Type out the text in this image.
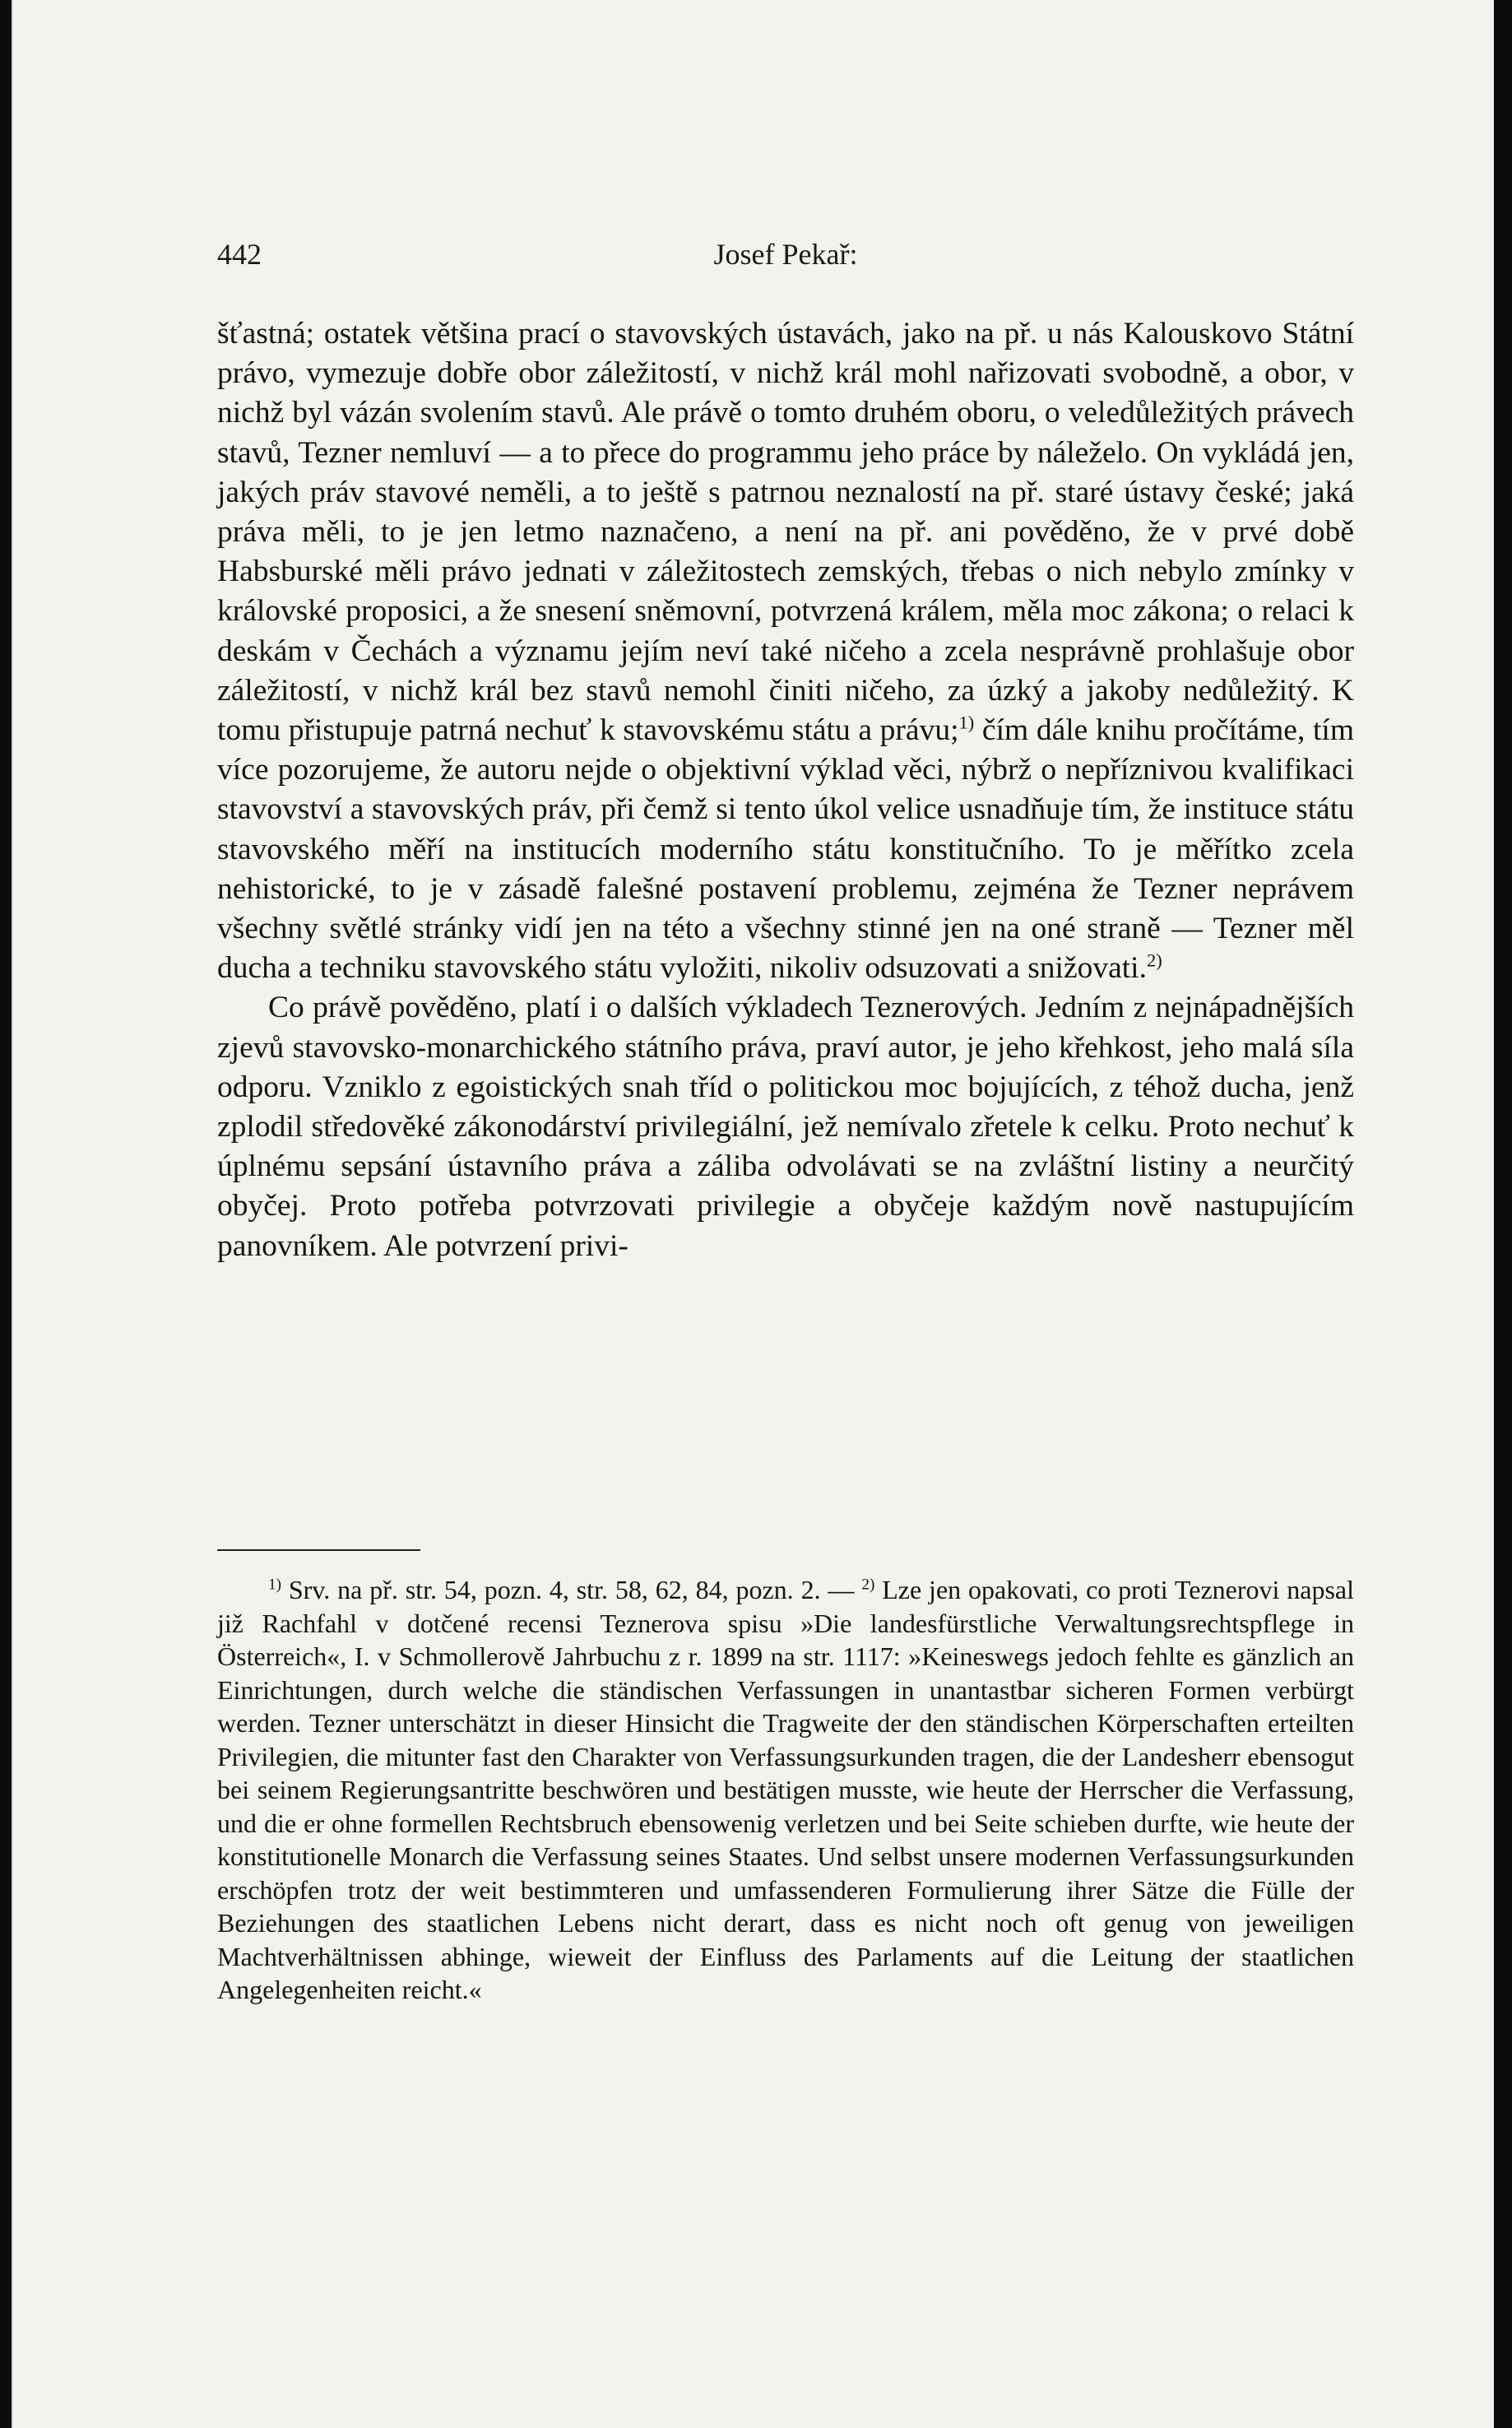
442	Josef Pekař:

šťastná; ostatek většina prací o stavovských ústavách, jako na př. u nás Kalouskovo Státní právo, vymezuje dobře obor záležitostí, v nichž král mohl nařizovati svobodně, a obor, v nichž byl vázán svolením stavů. Ale právě o tomto druhém oboru, o veledůležitých právech stavů, Tezner nemluví — a to přece do programmu jeho práce by náleželo. On vykládá jen, jakých práv stavové neměli, a to ještě s patrnou neznalostí na př. staré ústavy české; jaká práva měli, to je jen letmo naznačeno, a není na př. ani pověděno, že v prvé době Habsburské měli právo jednati v záležitostech zemských, třebas o nich nebylo zmínky v královské proposici, a že snesení sněmovní, potvrzená králem, měla moc zákona; o relaci k deskám v Čechách a významu jejím neví také ničeho a zcela nesprávně prohlašuje obor záležitostí, v nichž král bez stavů nemohl činiti ničeho, za úzký a jakoby nedůležitý. K tomu přistupuje patrná nechuť k stavovskému státu a právu;$^{1)}$ čím dále knihu pročítáme, tím více pozorujeme, že autoru nejde o objektivní výklad věci, nýbrž o nepříznivou kvalifikaci stavovství a stavovských práv, při čemž si tento úkol velice usnadňuje tím, že instituce státu stavovského měří na institucích moderního státu konstitučního. To je měřítko zcela nehistorické, to je v zásadě falešné postavení problemu, zejména že Tezner neprávem všechny světlé stránky vidí jen na této a všechny stinné jen na oné straně — Tezner měl ducha a techniku stavovského státu vyložiti, nikoliv odsuzovati a snižovati.$^{2)}$

Co právě pověděno, platí i o dalších výkladech Teznerových. Jedním z nejnápadnějších zjevů stavovsko-monarchického státního práva, praví autor, je jeho křehkost, jeho malá síla odporu. Vzniklo z egoistických snah tříd o politickou moc bojujících, z téhož ducha, jenž zplodil středověké zákonodárství privilegiální, jež nemívalo zřetele k celku. Proto nechuť k úplnému sepsání ústavního práva a záliba odvolávati se na zvláštní listiny a neurčitý obyčej. Proto potřeba potvrzovati privilegie a obyčeje každým nově nastupujícím panovníkem. Ale potvrzení privi-

$^{1)}$ Srv. na př. str. 54, pozn. 4, str. 58, 62, 84, pozn. 2. — $^{2)}$ Lze jen opakovati, co proti Teznerovi napsal již Rachfahl v dotčené recensi Teznerova spisu »Die landesfürstliche Verwaltungsrechtspflege in Österreich«, I. v Schmollerově Jahrbuchu z r. 1899 na str. 1117: »Keineswegs jedoch fehlte es gänzlich an Einrichtungen, durch welche die ständischen Verfassungen in unantastbar sicheren Formen verbürgt werden. Tezner unterschätzt in dieser Hinsicht die Tragweite der den ständischen Körperschaften erteilten Privilegien, die mitunter fast den Charakter von Verfassungsurkunden tragen, die der Landesherr ebensogut bei seinem Regierungsantritte beschwören und bestätigen musste, wie heute der Herrscher die Verfassung, und die er ohne formellen Rechtsbruch ebensowenig verletzen und bei Seite schieben durfte, wie heute der konstitutionelle Monarch die Verfassung seines Staates. Und selbst unsere modernen Verfassungsurkunden erschöpfen trotz der weit bestimmteren und umfassenderen Formulierung ihrer Sätze die Fülle der Beziehungen des staatlichen Lebens nicht derart, dass es nicht noch oft genug von jeweiligen Machtverhältnissen abhinge, wieweit der Einfluss des Parlaments auf die Leitung der staatlichen Angelegenheiten reicht.«
